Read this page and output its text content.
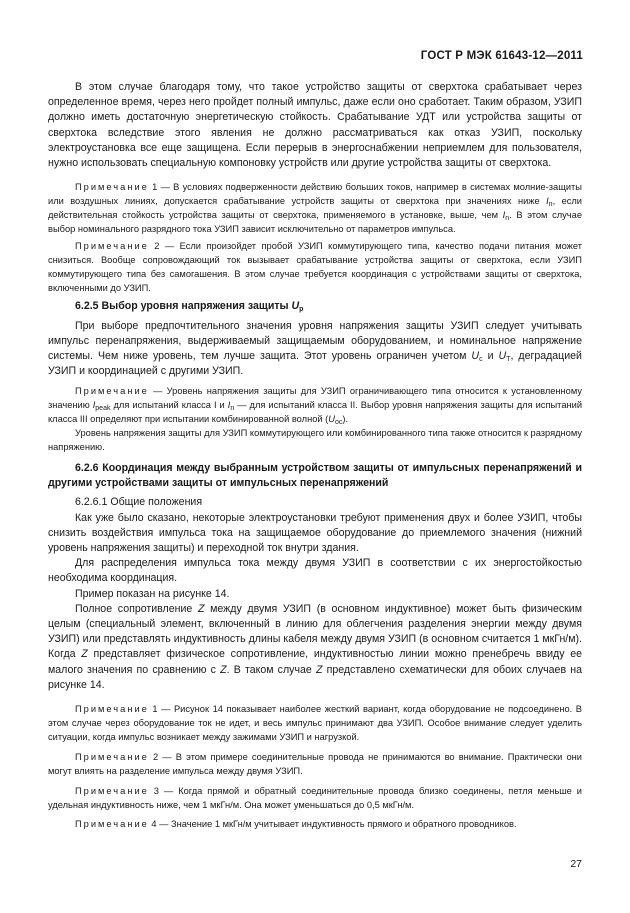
ГОСТ Р МЭК 61643-12—2011

В этом случае благодаря тому, что такое устройство защиты от сверхтока срабатывает через определенное время, через него пройдет полный импульс, даже если оно сработает. Таким образом, УЗИП должно иметь достаточную энергетическую стойкость. Срабатывание УДТ или устройства защиты от сверхтока вследствие этого явления не должно рассматриваться как отказ УЗИП, поскольку электроустановка все еще защищена. Если перерыв в энергоснабжении неприемлем для пользователя, нужно использовать специальную компоновку устройств или другие устройства защиты от сверхтока.

Примечание 1 — В условиях подверженности действию больших токов, например в системах молние-защиты или воздушных линиях, допускается срабатывание устройств защиты от сверхтока при значениях ниже $I_n$, если действительная стойкость устройства защиты от сверхтока, применяемого в установке, выше, чем $I_n$. В этом случае выбор номинального разрядного тока УЗИП зависит исключительно от параметров импульса.

Примечание 2 — Если произойдет пробой УЗИП коммутирующего типа, качество подачи питания может снизиться. Вообще сопровождающий ток вызывает срабатывание устройства защиты от сверхтока, если УЗИП коммутирующего типа без самогашения. В этом случае требуется координация с устройствами защиты от сверхтока, включенными до УЗИП.

6.2.5 Выбор уровня напряжения защиты $U_p$

При выборе предпочтительного значения уровня напряжения защиты УЗИП следует учитывать импульс перенапряжения, выдерживаемый защищаемым оборудованием, и номинальное напряжение системы. Чем ниже уровень, тем лучше защита. Этот уровень ограничен учетом $U_c$ и $U_T$, деградацией УЗИП и координацией с другими УЗИП.

Примечание — Уровень напряжения защиты для УЗИП ограничивающего типа относится к установленному значению $I_{peak}$ для испытаний класса I и $I_n$ — для испытаний класса II. Выбор уровня напряжения защиты для испытаний класса III определяют при испытании комбинированной волной $(U_{oc})$.

Уровень напряжения защиты для УЗИП коммутирующего или комбинированного типа также относится к разрядному напряжению.

6.2.6 Координация между выбранным устройством защиты от импульсных перенапряжений и другими устройствами защиты от импульсных перенапряжений

6.2.6.1 Общие положения

Как уже было сказано, некоторые электроустановки требуют применения двух и более УЗИП, чтобы снизить воздействия импульса тока на защищаемое оборудование до приемлемого значения (нижний уровень напряжения защиты) и переходной ток внутри здания.

Для распределения импульса тока между двумя УЗИП в соответствии с их энергостойкостью необходима координация.

Пример показан на рисунке 14.

Полное сопротивление Z между двумя УЗИП (в основном индуктивное) может быть физическим целым (специальный элемент, включенный в линию для облегчения разделения энергии между двумя УЗИП) или представлять индуктивность длины кабеля между двумя УЗИП (в основном считается 1 мкГн/м). Когда Z представляет физическое сопротивление, индуктивностью линии можно пренебречь ввиду ее малого значения по сравнению с Z. В таком случае Z представлено схематически для обоих случаев на рисунке 14.

Примечание 1 — Рисунок 14 показывает наиболее жесткий вариант, когда оборудование не подсоединено. В этом случае через оборудование ток не идет, и весь импульс принимают два УЗИП. Особое внимание следует уделить ситуации, когда импульс возникает между зажимами УЗИП и нагрузкой.

Примечание 2 — В этом примере соединительные провода не принимаются во внимание. Практически они могут влиять на разделение импульса между двумя УЗИП.

Примечание 3 — Когда прямой и обратный соединительные провода близко соединены, петля меньше и удельная индуктивность ниже, чем 1 мкГн/м. Она может уменьшаться до 0,5 мкГн/м.

Примечание 4 — Значение 1 мкГн/м учитывает индуктивность прямого и обратного проводников.

27
